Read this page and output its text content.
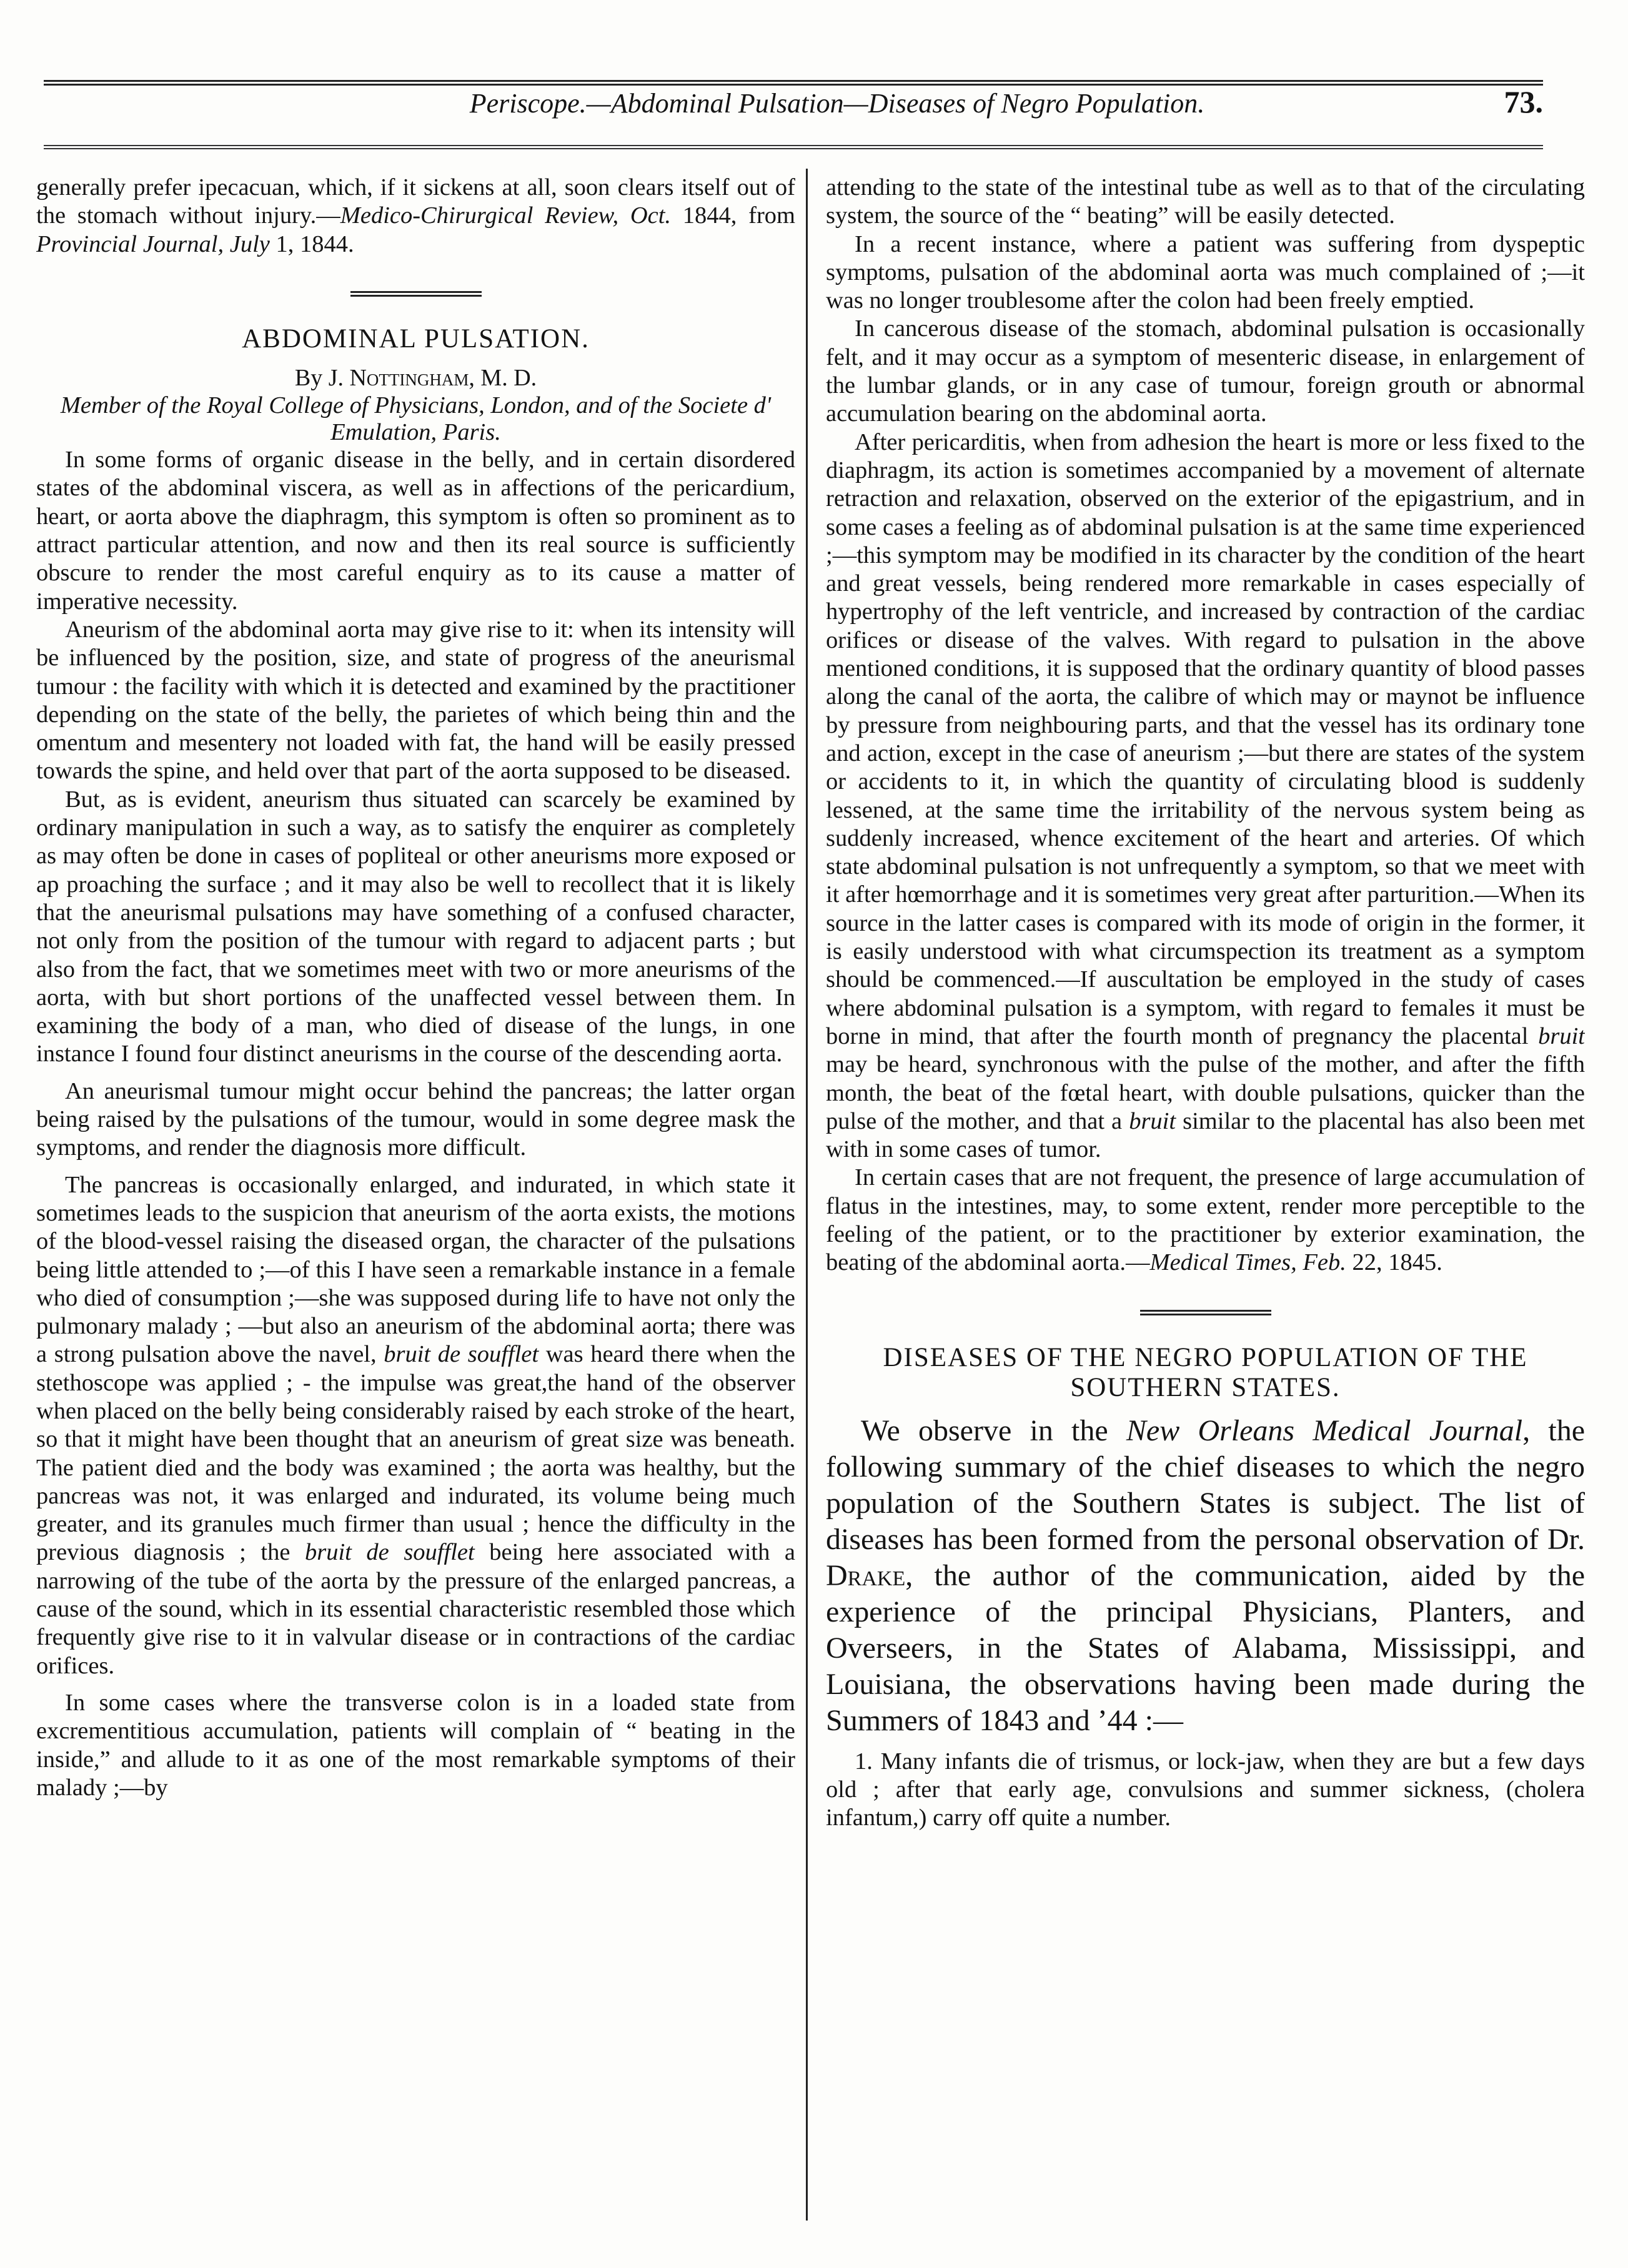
Periscope.—Abdominal Pulsation—Diseases of Negro Population.	73.

generally prefer ipecacuan, which, if it sickens at all, soon clears itself out of the stomach without injury.—Medico-Chirurgical Review, Oct. 1844, from Provincial Journal, July 1, 1844.

ABDOMINAL PULSATION.

By J. Nottingham, M. D.

Member of the Royal College of Physicians, London, and of the Societe d' Emulation, Paris.

In some forms of organic disease in the belly, and in certain disordered states of the abdominal viscera, as well as in affections of the pericardium, heart, or aorta above the diaphragm, this symptom is often so prominent as to attract particular attention, and now and then its real source is sufficiently obscure to render the most careful enquiry as to its cause a matter of imperative necessity.

Aneurism of the abdominal aorta may give rise to it: when its intensity will be influenced by the position, size, and state of progress of the aneurismal tumour : the facility with which it is detected and examined by the practitioner depending on the state of the belly, the parietes of which being thin and the omentum and mesentery not loaded with fat, the hand will be easily pressed towards the spine, and held over that part of the aorta supposed to be diseased.

But, as is evident, aneurism thus situated can scarcely be examined by ordinary manipulation in such a way, as to satisfy the enquirer as completely as may often be done in cases of popliteal or other aneurisms more exposed or ap proaching the surface ; and it may also be well to recollect that it is likely that the aneurismal pulsations may have something of a confused character, not only from the position of the tumour with regard to adjacent parts ; but also from the fact, that we sometimes meet with two or more aneurisms of the aorta, with but short portions of the unaffected vessel between them. In examining the body of a man, who died of disease of the lungs, in one instance I found four distinct aneurisms in the course of the descending aorta.

An aneurismal tumour might occur behind the pancreas; the latter organ being raised by the pulsations of the tumour, would in some degree mask the symptoms, and render the diagnosis more difficult.

The pancreas is occasionally enlarged, and indurated, in which state it sometimes leads to the suspicion that aneurism of the aorta exists, the motions of the blood-vessel raising the diseased organ, the character of the pulsations being little attended to ;—of this I have seen a remarkable instance in a female who died of consumption ;—she was supposed during life to have not only the pulmonary malady ; —but also an aneurism of the abdominal aorta; there was a strong pulsation above the navel, bruit de soufflet was heard there when the stethoscope was applied ; - the impulse was great,the hand of the observer when placed on the belly being considerably raised by each stroke of the heart, so that it might have been thought that an aneurism of great size was beneath. The patient died and the body was examined ; the aorta was healthy, but the pancreas was not, it was enlarged and indurated, its volume being much greater, and its granules much firmer than usual ; hence the difficulty in the previous diagnosis ; the bruit de soufflet being here associated with a narrowing of the tube of the aorta by the pressure of the enlarged pancreas, a cause of the sound, which in its essential characteristic resembled those which frequently give rise to it in valvular disease or in contractions of the cardiac orifices.

In some cases where the transverse colon is in a loaded state from excrementitious accumulation, patients will complain of “ beating in the inside,” and allude to it as one of the most remarkable symptoms of their malady ;—by

attending to the state of the intestinal tube as well as to that of the circulating system, the source of the “ beating” will be easily detected.

In a recent instance, where a patient was suffering from dyspeptic symptoms, pulsation of the abdominal aorta was much complained of ;—it was no longer troublesome after the colon had been freely emptied.

In cancerous disease of the stomach, abdominal pulsation is occasionally felt, and it may occur as a symptom of mesenteric disease, in enlargement of the lumbar glands, or in any case of tumour, foreign grouth or abnormal accumulation bearing on the abdominal aorta.

After pericarditis, when from adhesion the heart is more or less fixed to the diaphragm, its action is sometimes accompanied by a movement of alternate retraction and relaxation, observed on the exterior of the epigastrium, and in some cases a feeling as of abdominal pulsation is at the same time experienced ;—this symptom may be modified in its character by the condition of the heart and great vessels, being rendered more remarkable in cases especially of hypertrophy of the left ventricle, and increased by contraction of the cardiac orifices or disease of the valves. With regard to pulsation in the above mentioned conditions, it is supposed that the ordinary quantity of blood passes along the canal of the aorta, the calibre of which may or maynot be influence by pressure from neighbouring parts, and that the vessel has its ordinary tone and action, except in the case of aneurism ;—but there are states of the system or accidents to it, in which the quantity of circulating blood is suddenly lessened, at the same time the irritability of the nervous system being as suddenly increased, whence excitement of the heart and arteries. Of which state abdominal pulsation is not unfrequently a symptom, so that we meet with it after hœmorrhage and it is sometimes very great after parturition.—When its source in the latter cases is compared with its mode of origin in the former, it is easily understood with what circumspection its treatment as a symptom should be commenced.—If auscultation be employed in the study of cases where abdominal pulsation is a symptom, with regard to females it must be borne in mind, that after the fourth month of pregnancy the placental bruit may be heard, synchronous with the pulse of the mother, and after the fifth month, the beat of the fœtal heart, with double pulsations, quicker than the pulse of the mother, and that a bruit similar to the placental has also been met with in some cases of tumor.

In certain cases that are not frequent, the presence of large accumulation of flatus in the intestines, may, to some extent, render more perceptible to the feeling of the patient, or to the practitioner by exterior examination, the beating of the abdominal aorta.—Medical Times, Feb. 22, 1845.

DISEASES OF THE NEGRO POPULATION OF THE SOUTHERN STATES.

We observe in the New Orleans Medical Journal, the following summary of the chief diseases to which the negro population of the Southern States is subject. The list of diseases has been formed from the personal observation of Dr. Drake, the author of the communication, aided by the experience of the principal Physicians, Planters, and Overseers, in the States of Alabama, Mississippi, and Louisiana, the observations having been made during the Summers of 1843 and ’44 :—

1. Many infants die of trismus, or lock-jaw, when they are but a few days old ; after that early age, convulsions and summer sickness, (cholera infantum,) carry off quite a number.
